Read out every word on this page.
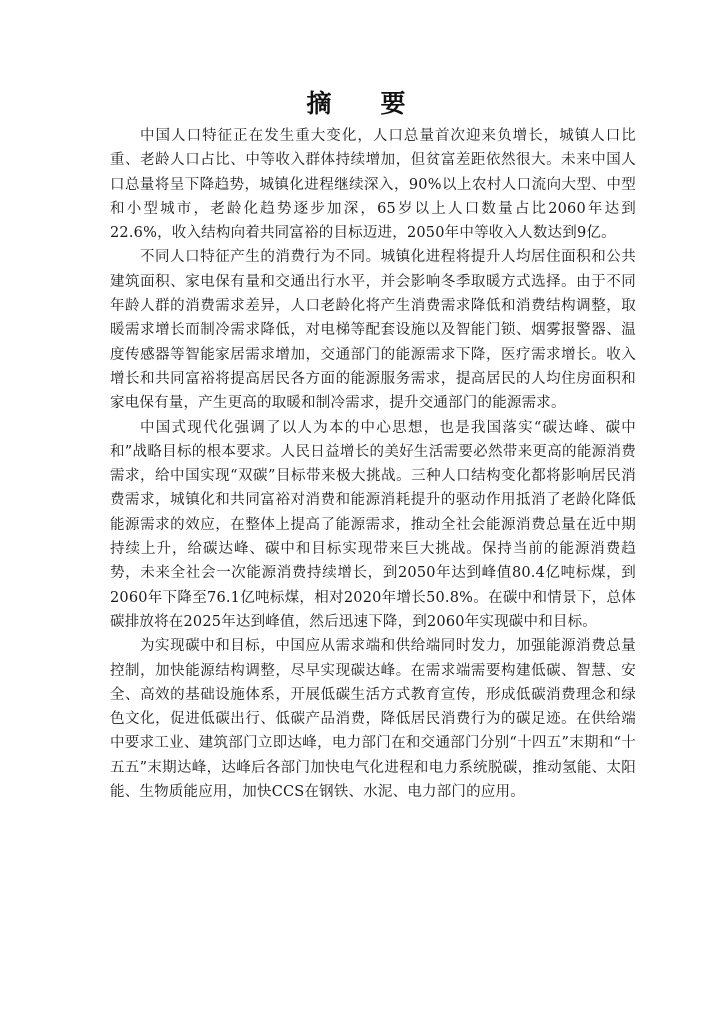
摘　要

中国人口特征正在发生重大变化，人口总量首次迎来负增长，城镇人口比重、老龄人口占比、中等收入群体持续增加，但贫富差距依然很大。未来中国人口总量将呈下降趋势，城镇化进程继续深入，90%以上农村人口流向大型、中型和小型城市，老龄化趋势逐步加深，65岁以上人口数量占比2060年达到22.6%，收入结构向着共同富裕的目标迈进，2050年中等收入人数达到9亿。

不同人口特征产生的消费行为不同。城镇化进程将提升人均居住面积和公共建筑面积、家电保有量和交通出行水平，并会影响冬季取暖方式选择。由于不同年龄人群的消费需求差异，人口老龄化将产生消费需求降低和消费结构调整，取暖需求增长而制冷需求降低，对电梯等配套设施以及智能门锁、烟雾报警器、温度传感器等智能家居需求增加，交通部门的能源需求下降，医疗需求增长。收入增长和共同富裕将提高居民各方面的能源服务需求，提高居民的人均住房面积和家电保有量，产生更高的取暖和制冷需求，提升交通部门的能源需求。

中国式现代化强调了以人为本的中心思想，也是我国落实“碳达峰、碳中和”战略目标的根本要求。人民日益增长的美好生活需要必然带来更高的能源消费需求，给中国实现“双碳”目标带来极大挑战。三种人口结构变化都将影响居民消费需求，城镇化和共同富裕对消费和能源消耗提升的驱动作用抵消了老龄化降低能源需求的效应，在整体上提高了能源需求，推动全社会能源消费总量在近中期持续上升，给碳达峰、碳中和目标实现带来巨大挑战。保持当前的能源消费趋势，未来全社会一次能源消费持续增长，到2050年达到峰值80.4亿吨标煤，到2060年下降至76.1亿吨标煤，相对2020年增长50.8%。在碳中和情景下，总体碳排放将在2025年达到峰值，然后迅速下降，到2060年实现碳中和目标。

为实现碳中和目标，中国应从需求端和供给端同时发力，加强能源消费总量控制，加快能源结构调整，尽早实现碳达峰。在需求端需要构建低碳、智慧、安全、高效的基础设施体系，开展低碳生活方式教育宣传，形成低碳消费理念和绿色文化，促进低碳出行、低碳产品消费，降低居民消费行为的碳足迹。在供给端中要求工业、建筑部门立即达峰，电力部门在和交通部门分别“十四五”末期和“十五五”末期达峰，达峰后各部门加快电气化进程和电力系统脱碳，推动氢能、太阳能、生物质能应用，加快CCS在钢铁、水泥、电力部门的应用。
